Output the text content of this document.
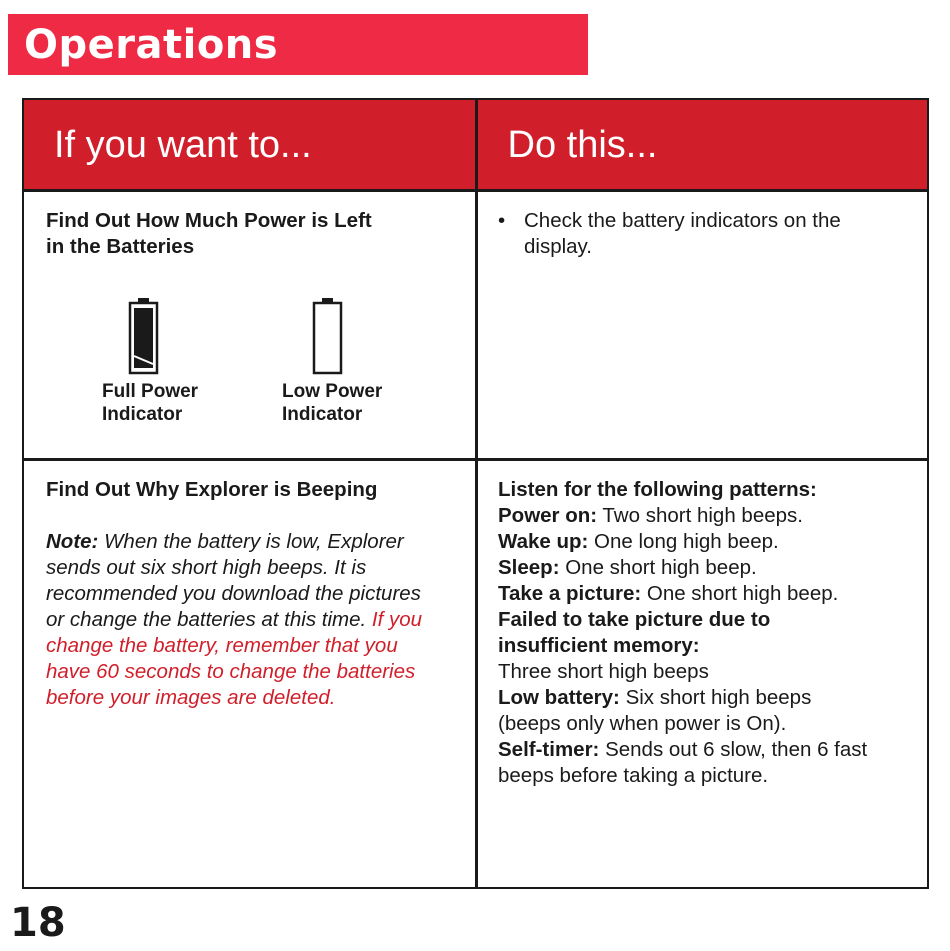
Operations
If you want to...	Do this...
Find Out How Much Power is Left
in the Batteries
Full Power
Indicator
Low Power
Indicator
• Check the battery indicators on the
display.
Find Out Why Explorer is Beeping
Note: When the battery is low, Explorer
sends out six short high beeps. It is
recommended you download the pictures
or change the batteries at this time. If you
change the battery, remember that you
have 60 seconds to change the batteries
before your images are deleted.
Listen for the following patterns:
Power on: Two short high beeps.
Wake up: One long high beep.
Sleep: One short high beep.
Take a picture: One short high beep.
Failed to take picture due to
insufficient memory:
Three short high beeps
Low battery: Six short high beeps
(beeps only when power is On).
Self-timer: Sends out 6 slow, then 6 fast
beeps before taking a picture.
18
